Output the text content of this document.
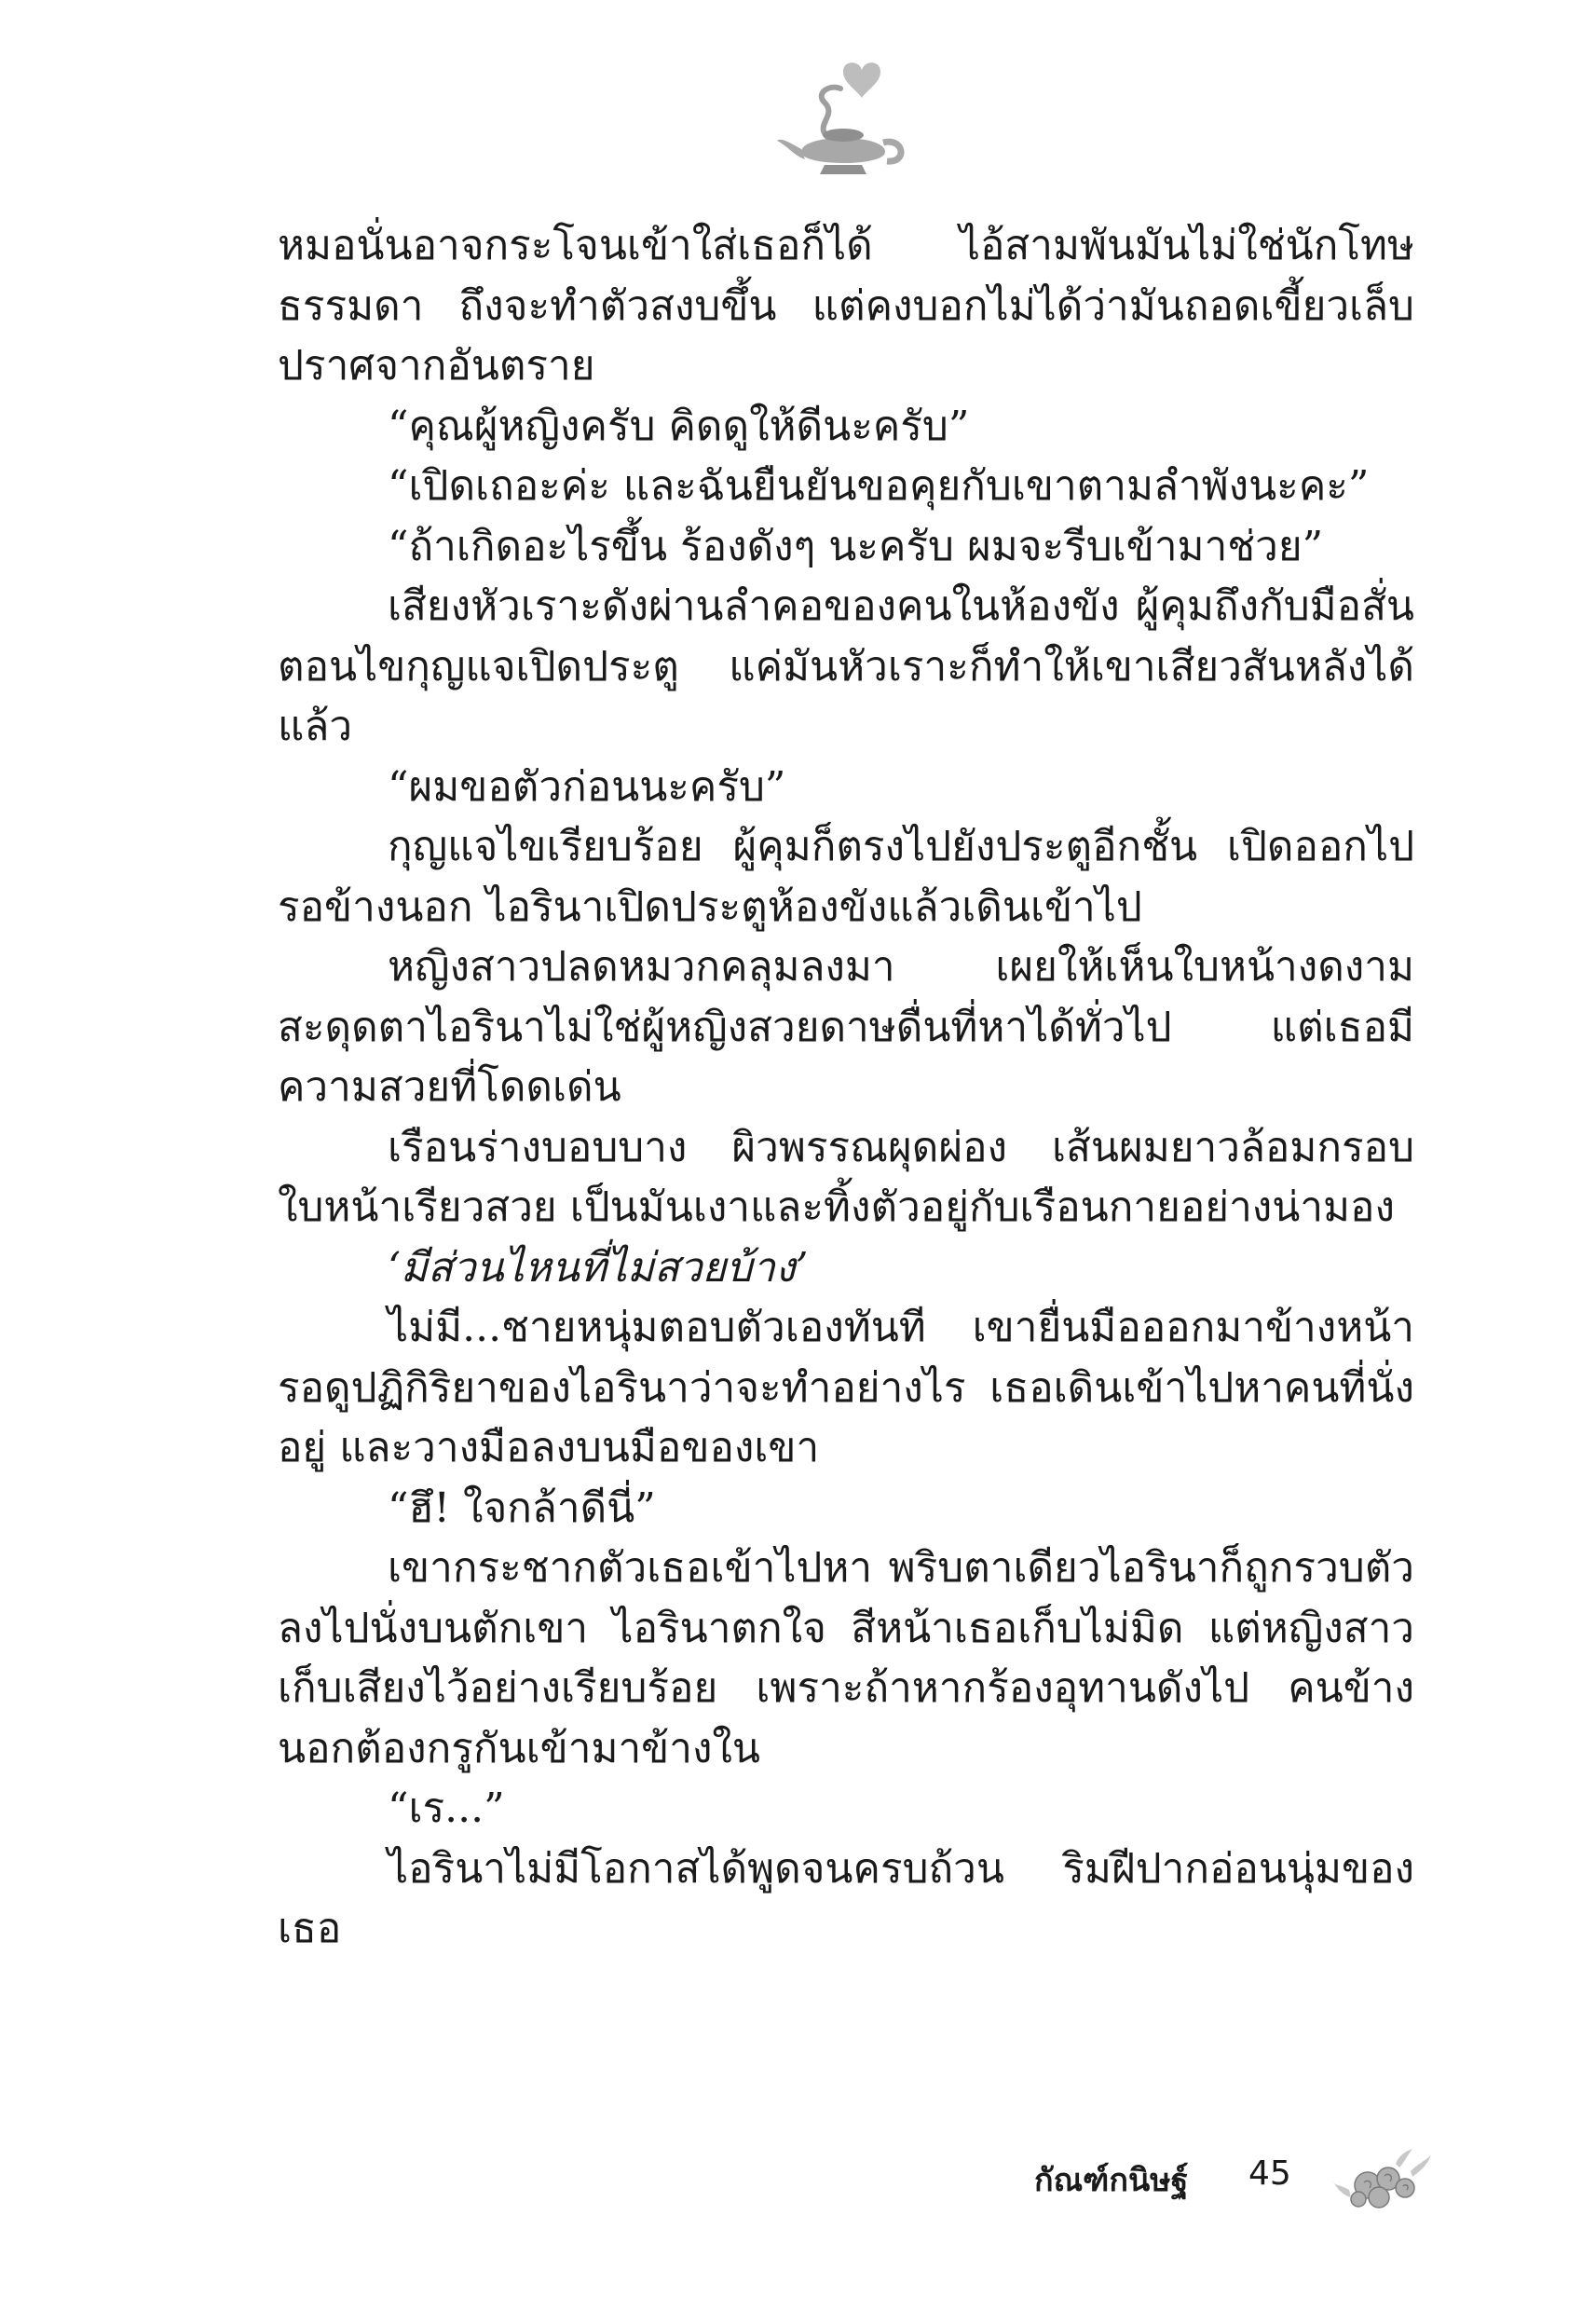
หมอนั่นอาจกระโจนเข้าใส่เธอก็ได้ ไอ้สามพันมันไม่ใช่นักโทษธรรมดา ถึงจะทำตัวสงบขึ้น แต่คงบอกไม่ได้ว่ามันถอดเขี้ยวเล็บปราศจากอันตราย

“คุณผู้หญิงครับ คิดดูให้ดีนะครับ”

“เปิดเถอะค่ะ และฉันยืนยันขอคุยกับเขาตามลำพังนะคะ”

“ถ้าเกิดอะไรขึ้น ร้องดังๆ นะครับ ผมจะรีบเข้ามาช่วย”

เสียงหัวเราะดังผ่านลำคอของคนในห้องขัง ผู้คุมถึงกับมือสั่นตอนไขกุญแจเปิดประตู แค่มันหัวเราะก็ทำให้เขาเสียวสันหลังได้แล้ว

“ผมขอตัวก่อนนะครับ”

กุญแจไขเรียบร้อย ผู้คุมก็ตรงไปยังประตูอีกชั้น เปิดออกไปรอข้างนอก ไอรินาเปิดประตูห้องขังแล้วเดินเข้าไป

หญิงสาวปลดหมวกคลุมลงมา เผยให้เห็นใบหน้างดงามสะดุดตาไอรินาไม่ใช่ผู้หญิงสวยดาษดื่นที่หาได้ทั่วไป แต่เธอมีความสวยที่โดดเด่น

เรือนร่างบอบบาง ผิวพรรณผุดผ่อง เส้นผมยาวล้อมกรอบใบหน้าเรียวสวย เป็นมันเงาและทิ้งตัวอยู่กับเรือนกายอย่างน่ามอง

‘มีส่วนไหนที่ไม่สวยบ้าง’

ไม่มี...ชายหนุ่มตอบตัวเองทันที เขายื่นมือออกมาข้างหน้า รอดูปฏิกิริยาของไอรินาว่าจะทำอย่างไร เธอเดินเข้าไปหาคนที่นั่งอยู่ และวางมือลงบนมือของเขา

“ฮึ! ใจกล้าดีนี่”

เขากระชากตัวเธอเข้าไปหา พริบตาเดียวไอรินาก็ถูกรวบตัวลงไปนั่งบนตักเขา ไอรินาตกใจ สีหน้าเธอเก็บไม่มิด แต่หญิงสาวเก็บเสียงไว้อย่างเรียบร้อย เพราะถ้าหากร้องอุทานดังไป คนข้างนอกต้องกรูกันเข้ามาข้างใน

“เร...”

ไอรินาไม่มีโอกาสได้พูดจนครบถ้วน ริมฝีปากอ่อนนุ่มของเธอ

กัณฑ์กนิษฐ์ 45
